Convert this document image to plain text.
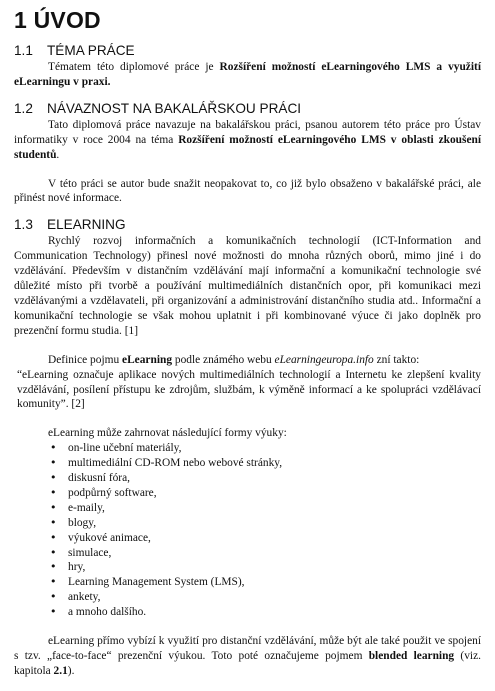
1 ÚVOD
1.1	TÉMA PRÁCE

Tématem této diplomové práce je Rozšíření možností eLearningového LMS a využití eLearningu v praxi.

1.2	NÁVAZNOST NA BAKALÁŘSKOU PRÁCI

Tato diplomová práce navazuje na bakalářskou práci, psanou autorem této práce pro Ústav informatiky v roce 2004 na téma Rozšíření možností eLearningového LMS v oblasti zkoušení studentů.

V této práci se autor bude snažit neopakovat to, co již bylo obsaženo v bakalářské práci, ale přinést nové informace.

1.3	ELEARNING

Rychlý rozvoj informačních a komunikačních technologií (ICT-Information and Communication Technology) přinesl nové možnosti do mnoha různých oborů, mimo jiné i do vzdělávání. Především v distančním vzdělávání mají informační a komunikační technologie své důležité místo při tvorbě a používání multimediálních distančních opor, při komunikaci mezi vzdělávanými a vzdělavateli, při organizování a administrování distančního studia atd.. Informační a komunikační technologie se však mohou uplatnit i při kombinované výuce či jako doplněk pro prezenční formu studia. [1]

Definice pojmu eLearning podle známého webu eLearningeuropa.info zní takto:

“eLearning označuje aplikace nových multimediálních technologií a Internetu ke zlepšení kvality vzdělávání, posílení přístupu ke zdrojům, službám, k výměně informací a ke spolupráci vzdělávací komunity”. [2]

eLearning může zahrnovat následující formy výuky:

• on-line učební materiály,
• multimediální CD-ROM nebo webové stránky,
• diskusní fóra,
• podpůrný software,
• e-maily,
• blogy,
• výukové animace,
• simulace,
• hry,
• Learning Management System (LMS),
• ankety,
• a mnoho dalšího.

eLearning přímo vybízí k využití pro distanční vzdělávání, může být ale také použit ve spojení s tzv. „face-to-face“ prezenční výukou. Toto poté označujeme pojmem blended learning (viz. kapitola 2.1).
